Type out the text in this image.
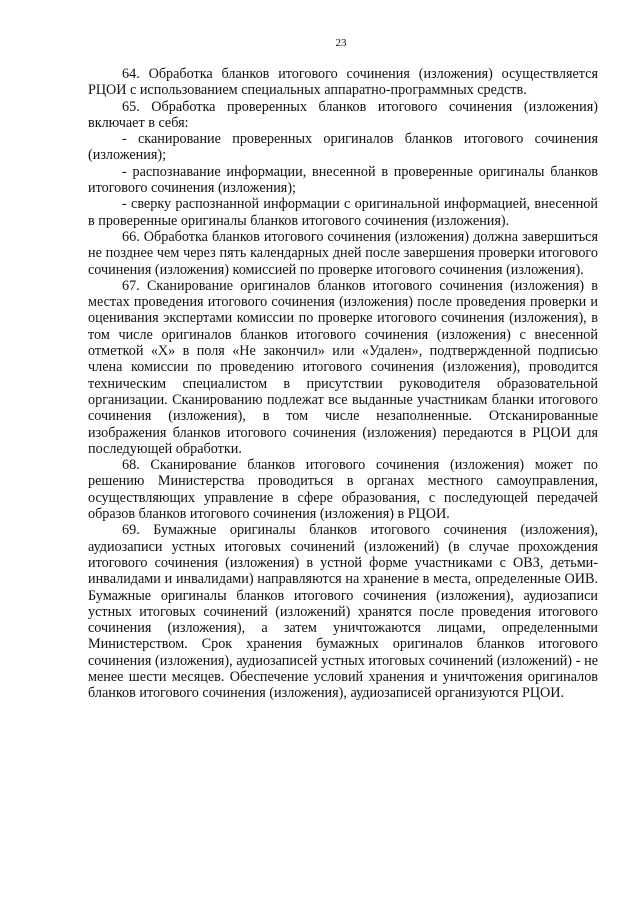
23

64. Обработка бланков итогового сочинения (изложения) осуществляется РЦОИ с использованием специальных аппаратно-программных средств.

65. Обработка проверенных бланков итогового сочинения (изложения) включает в себя:

- сканирование проверенных оригиналов бланков итогового сочинения (изложения);

- распознавание информации, внесенной в проверенные оригиналы бланков итогового сочинения (изложения);

- сверку распознанной информации с оригинальной информацией, внесенной в проверенные оригиналы бланков итогового сочинения (изложения).

66. Обработка бланков итогового сочинения (изложения) должна завершиться не позднее чем через пять календарных дней после завершения проверки итогового сочинения (изложения) комиссией по проверке итогового сочинения (изложения).

67. Сканирование оригиналов бланков итогового сочинения (изложения) в местах проведения итогового сочинения (изложения) после проведения проверки и оценивания экспертами комиссии по проверке итогового сочинения (изложения), в том числе оригиналов бланков итогового сочинения (изложения) с внесенной отметкой «Х» в поля «Не закончил» или «Удален», подтвержденной подписью члена комиссии по проведению итогового сочинения (изложения), проводится техническим специалистом в присутствии руководителя образовательной организации. Сканированию подлежат все выданные участникам бланки итогового сочинения (изложения), в том числе незаполненные. Отсканированные изображения бланков итогового сочинения (изложения) передаются в РЦОИ для последующей обработки.

68. Сканирование бланков итогового сочинения (изложения) может по решению Министерства проводиться в органах местного самоуправления, осуществляющих управление в сфере образования, с последующей передачей образов бланков итогового сочинения (изложения) в РЦОИ.

69. Бумажные оригиналы бланков итогового сочинения (изложения), аудиозаписи устных итоговых сочинений (изложений) (в случае прохождения итогового сочинения (изложения) в устной форме участниками с ОВЗ, детьми-инвалидами и инвалидами) направляются на хранение в места, определенные ОИВ. Бумажные оригиналы бланков итогового сочинения (изложения), аудиозаписи устных итоговых сочинений (изложений) хранятся после проведения итогового сочинения (изложения), а затем уничтожаются лицами, определенными Министерством. Срок хранения бумажных оригиналов бланков итогового сочинения (изложения), аудиозаписей устных итоговых сочинений (изложений) - не менее шести месяцев. Обеспечение условий хранения и уничтожения оригиналов бланков итогового сочинения (изложения), аудиозаписей организуются РЦОИ.
